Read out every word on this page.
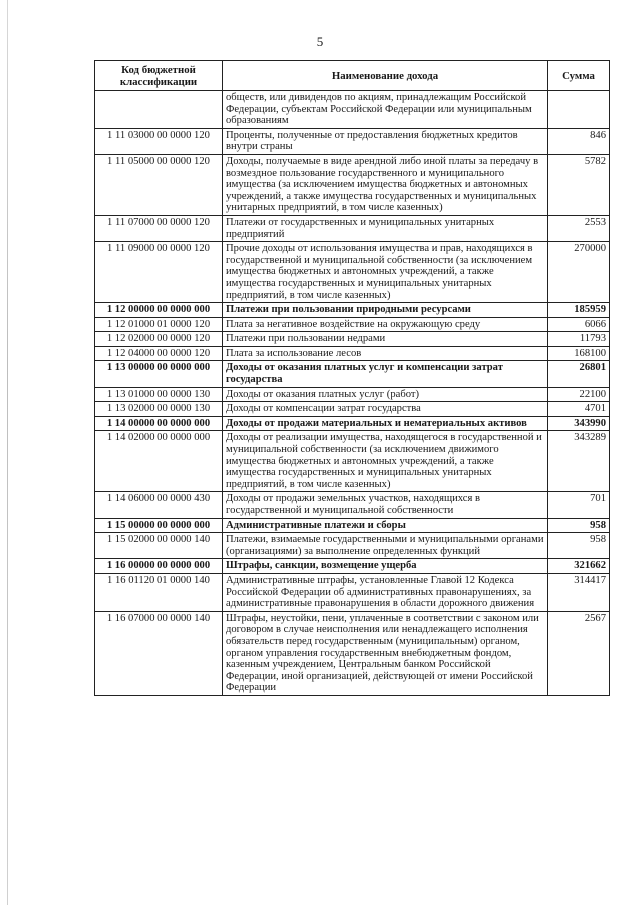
5
Код бюджетной классификации	Наименование дохода	Сумма
	обществ, или дивидендов по акциям, принадлежащим Российской Федерации, субъектам Российской Федерации или муниципальным образованиям	
1 11 03000 00 0000 120	Проценты, полученные от предоставления бюджетных кредитов внутри страны	846
1 11 05000 00 0000 120	Доходы, получаемые в виде арендной либо иной платы за передачу в возмездное пользование государственного и муниципального имущества (за исключением имущества бюджетных и автономных учреждений, а также имущества государственных и муниципальных унитарных предприятий, в том числе казенных)	5782
1 11 07000 00 0000 120	Платежи от государственных и муниципальных унитарных предприятий	2553
1 11 09000 00 0000 120	Прочие доходы от использования имущества и прав, находящихся в государственной и муниципальной собственности (за исключением имущества бюджетных и автономных учреждений, а также имущества государственных и муниципальных унитарных предприятий, в том числе казенных)	270000
1 12 00000 00 0000 000	Платежи при пользовании природными ресурсами	185959
1 12 01000 01 0000 120	Плата за негативное воздействие на окружающую среду	6066
1 12 02000 00 0000 120	Платежи при пользовании недрами	11793
1 12 04000 00 0000 120	Плата за использование лесов	168100
1 13 00000 00 0000 000	Доходы от оказания платных услуг и компенсации затрат государства	26801
1 13 01000 00 0000 130	Доходы от оказания платных услуг (работ)	22100
1 13 02000 00 0000 130	Доходы от компенсации затрат государства	4701
1 14 00000 00 0000 000	Доходы от продажи материальных и нематериальных активов	343990
1 14 02000 00 0000 000	Доходы от реализации имущества, находящегося в государственной и муниципальной собственности (за исключением движимого имущества бюджетных и автономных учреждений, а также имущества государственных и муниципальных унитарных предприятий, в том числе казенных)	343289
1 14 06000 00 0000 430	Доходы от продажи земельных участков, находящихся в государственной и муниципальной собственности	701
1 15 00000 00 0000 000	Административные платежи и сборы	958
1 15 02000 00 0000 140	Платежи, взимаемые государственными и муниципальными органами (организациями) за выполнение определенных функций	958
1 16 00000 00 0000 000	Штрафы, санкции, возмещение ущерба	321662
1 16 01120 01 0000 140	Административные штрафы, установленные Главой 12 Кодекса Российской Федерации об административных правонарушениях, за административные правонарушения в области дорожного движения	314417
1 16 07000 00 0000 140	Штрафы, неустойки, пени, уплаченные в соответствии с законом или договором в случае неисполнения или ненадлежащего исполнения обязательств перед государственным (муниципальным) органом, органом управления государственным внебюджетным фондом, казенным учреждением, Центральным банком Российской Федерации, иной организацией, действующей от имени Российской Федерации	2567
